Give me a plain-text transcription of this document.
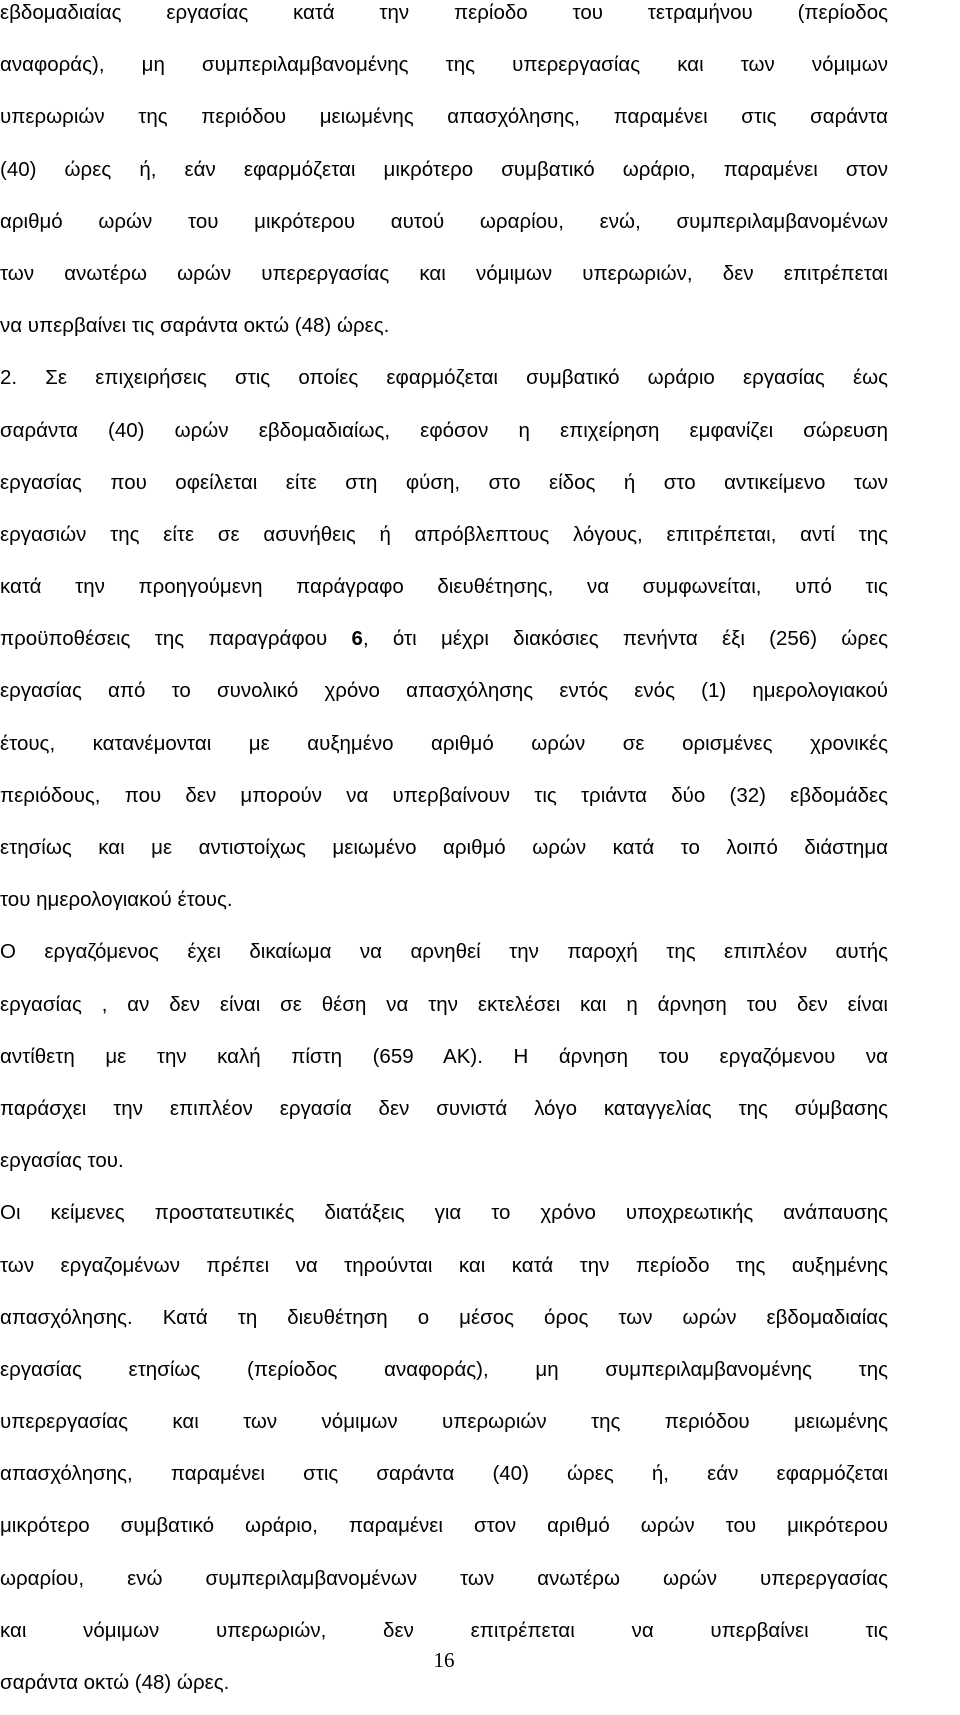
εβδομαδιαίας εργασίας κατά την περίοδο του τετραμήνου (περίοδος
αναφοράς), μη συμπεριλαμβανομένης της υπερεργασίας και των νόμιμων
υπερωριών της περιόδου μειωμένης απασχόλησης, παραμένει στις σαράντα
(40) ώρες ή, εάν εφαρμόζεται μικρότερο συμβατικό ωράριο, παραμένει στον
αριθμό ωρών του μικρότερου αυτού ωραρίου, ενώ, συμπεριλαμβανομένων
των ανωτέρω ωρών υπερεργασίας και νόμιμων υπερωριών, δεν επιτρέπεται
να υπερβαίνει τις σαράντα οκτώ (48) ώρες.
2. Σε επιχειρήσεις στις οποίες εφαρμόζεται συμβατικό ωράριο εργασίας έως
σαράντα (40) ωρών εβδομαδιαίως, εφόσον η επιχείρηση εμφανίζει σώρευση
εργασίας που οφείλεται είτε στη φύση, στο είδος ή στο αντικείμενο των
εργασιών της είτε σε ασυνήθεις ή απρόβλεπτους λόγους, επιτρέπεται, αντί της
κατά την προηγούμενη παράγραφο διευθέτησης, να συμφωνείται, υπό τις
προϋποθέσεις της παραγράφου 6, ότι μέχρι διακόσιες πενήντα έξι (256) ώρες
εργασίας από το συνολικό χρόνο απασχόλησης εντός ενός (1) ημερολογιακού
έτους, κατανέμονται με αυξημένο αριθμό ωρών σε ορισμένες χρονικές
περιόδους, που δεν μπορούν να υπερβαίνουν τις τριάντα δύο (32) εβδομάδες
ετησίως και με αντιστοίχως μειωμένο αριθμό ωρών κατά το λοιπό διάστημα
του ημερολογιακού έτους.
Ο εργαζόμενος έχει δικαίωμα να αρνηθεί την παροχή της επιπλέον αυτής
εργασίας , αν δεν είναι σε θέση να την εκτελέσει και η άρνηση του δεν είναι
αντίθετη με την καλή πίστη (659 ΑΚ). Η άρνηση του εργαζόμενου να
παράσχει την επιπλέον εργασία δεν συνιστά λόγο καταγγελίας της σύμβασης
εργασίας του.
Οι κείμενες προστατευτικές διατάξεις για το χρόνο υποχρεωτικής ανάπαυσης
των εργαζομένων πρέπει να τηρούνται και κατά την περίοδο της αυξημένης
απασχόλησης. Κατά τη διευθέτηση ο μέσος όρος των ωρών εβδομαδιαίας
εργασίας ετησίως (περίοδος αναφοράς), μη συμπεριλαμβανομένης της
υπερεργασίας και των νόμιμων υπερωριών της περιόδου μειωμένης
απασχόλησης, παραμένει στις σαράντα (40) ώρες ή, εάν εφαρμόζεται
μικρότερο συμβατικό ωράριο, παραμένει στον αριθμό ωρών του μικρότερου
ωραρίου, ενώ συμπεριλαμβανομένων των ανωτέρω ωρών υπερεργασίας
και νόμιμων υπερωριών, δεν επιτρέπεται να υπερβαίνει τις
σαράντα οκτώ (48) ώρες.
16
